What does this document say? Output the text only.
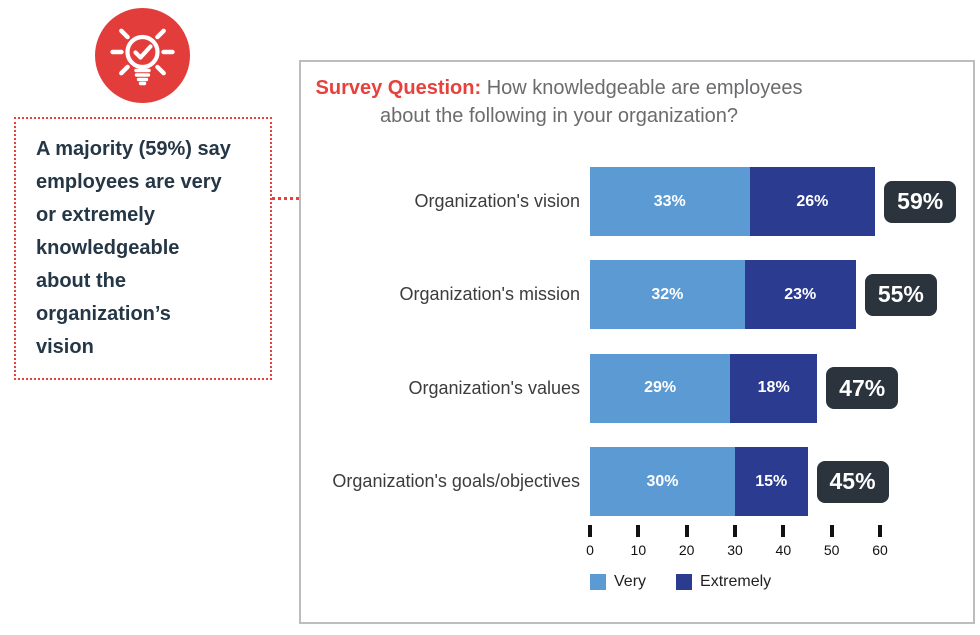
A majority (59%) say employees are very or extremely knowledgeable about the organization’s vision
Survey Question: How knowledgeable are employees about the following in your organization?
Organization's vision	33%	26%	59%
Organization's mission	32%	23%	55%
Organization's values	29%	18%	47%
Organization's goals/objectives	30%	15%	45%
0	10	20	30	40	50	60
Very	Extremely
